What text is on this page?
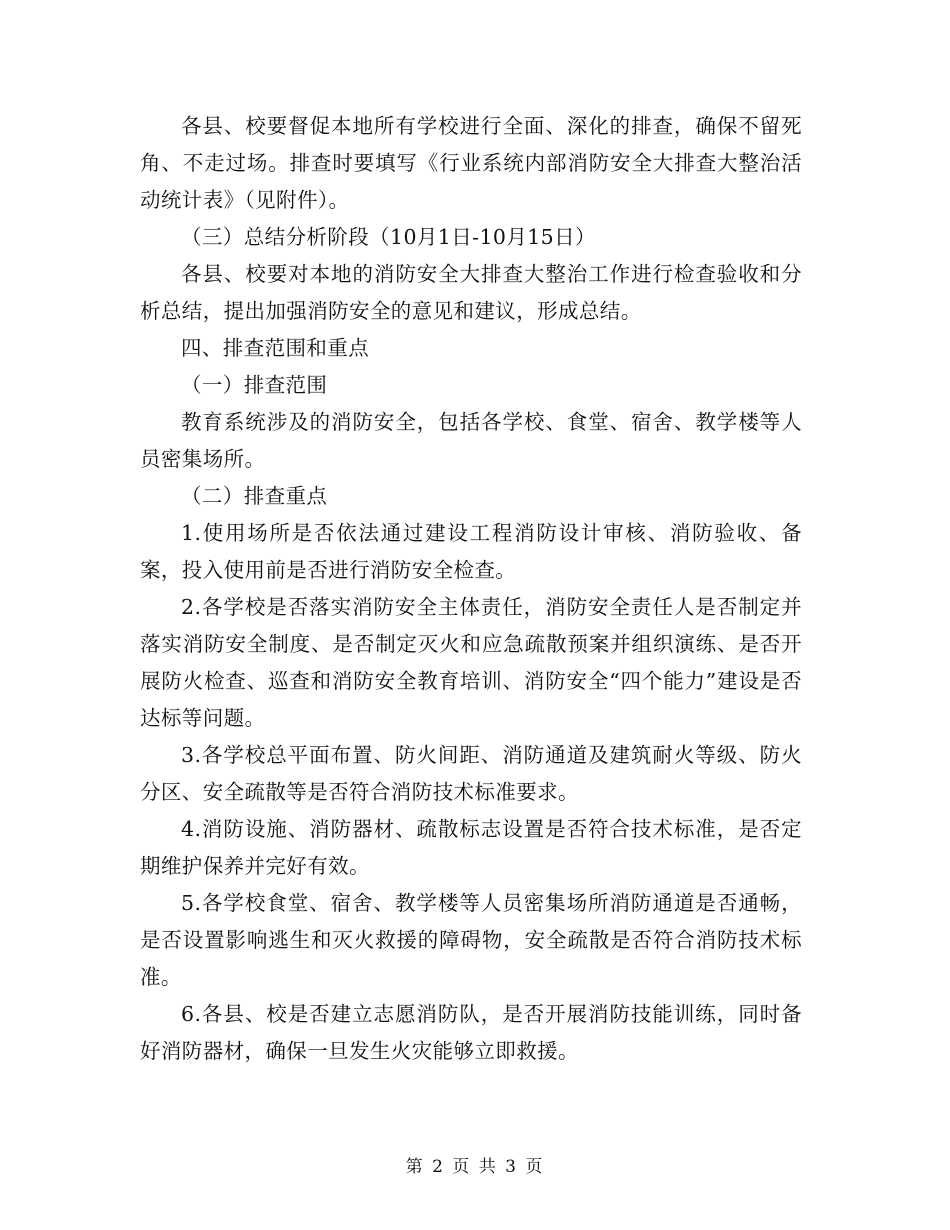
各县、校要督促本地所有学校进行全面、深化的排查，确保不留死角、不走过场。排查时要填写《行业系统内部消防安全大排查大整治活动统计表》（见附件）。

（三）总结分析阶段（10月1日-10月15日）

各县、校要对本地的消防安全大排查大整治工作进行检查验收和分析总结，提出加强消防安全的意见和建议，形成总结。

四、排查范围和重点

（一）排查范围

教育系统涉及的消防安全，包括各学校、食堂、宿舍、教学楼等人员密集场所。

（二）排查重点

1.使用场所是否依法通过建设工程消防设计审核、消防验收、备案，投入使用前是否进行消防安全检查。

2.各学校是否落实消防安全主体责任，消防安全责任人是否制定并落实消防安全制度、是否制定灭火和应急疏散预案并组织演练、是否开展防火检查、巡查和消防安全教育培训、消防安全“四个能力”建设是否达标等问题。

3.各学校总平面布置、防火间距、消防通道及建筑耐火等级、防火分区、安全疏散等是否符合消防技术标准要求。

4.消防设施、消防器材、疏散标志设置是否符合技术标准，是否定期维护保养并完好有效。

5.各学校食堂、宿舍、教学楼等人员密集场所消防通道是否通畅，是否设置影响逃生和灭火救援的障碍物，安全疏散是否符合消防技术标准。

6.各县、校是否建立志愿消防队，是否开展消防技能训练，同时备好消防器材，确保一旦发生火灾能够立即救援。

第 2 页 共 3 页
